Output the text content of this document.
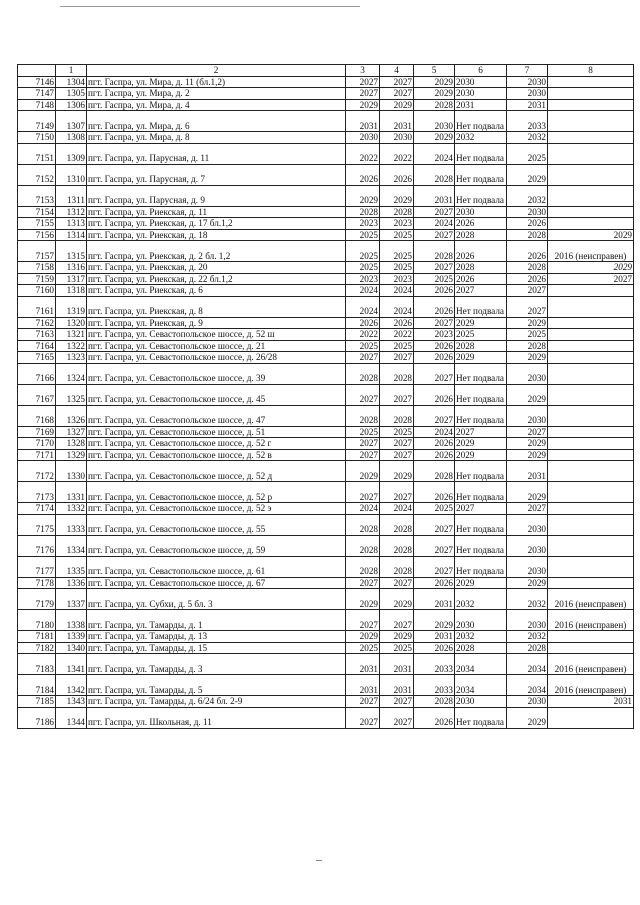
	1	2	3	4	5	6	7	8
7146	1304	пгт. Гаспра, ул. Мира, д. 11 (бл.1,2)	2027	2027	2029	2030	2030	
7147	1305	пгт. Гаспра, ул. Мира, д. 2	2027	2027	2029	2030	2030	
7148	1306	пгт. Гаспра, ул. Мира, д. 4	2029	2029	2028	2031	2031	
7149	1307	пгт. Гаспра, ул. Мира, д. 6	2031	2031	2030	Нет подвала	2033	
7150	1308	пгт. Гаспра, ул. Мира, д. 8	2030	2030	2029	2032	2032	
7151	1309	пгт. Гаспра, ул. Парусная, д. 11	2022	2022	2024	Нет подвала	2025	
7152	1310	пгт. Гаспра, ул. Парусная, д. 7	2026	2026	2028	Нет подвала	2029	
7153	1311	пгт. Гаспра, ул. Парусная, д. 9	2029	2029	2031	Нет подвала	2032	
7154	1312	пгт. Гаспра, ул. Риекская, д. 11	2028	2028	2027	2030	2030	
7155	1313	пгт. Гаспра, ул. Риекская, д. 17 бл.1,2	2023	2023	2024	2026	2026	
7156	1314	пгт. Гаспра, ул. Риекская, д. 18	2025	2025	2027	2028	2028	2029
7157	1315	пгт. Гаспра, ул. Риекская, д. 2 бл. 1,2	2025	2025	2028	2026	2026	2016 (неисправен)
7158	1316	пгт. Гаспра, ул. Риекская, д. 20	2025	2025	2027	2028	2028	2029
7159	1317	пгт. Гаспра, ул. Риекская, д. 22 бл.1,2	2023	2023	2025	2026	2026	2027
7160	1318	пгт. Гаспра, ул. Риекская, д. 6	2024	2024	2026	2027	2027	
7161	1319	пгт. Гаспра, ул. Риекская, д. 8	2024	2024	2026	Нет подвала	2027	
7162	1320	пгт. Гаспра, ул. Риекская, д. 9	2026	2026	2027	2029	2029	
7163	1321	пгт. Гаспра, ул. Севастопольское шоссе, д. 52 ш	2022	2022	2023	2025	2025	
7164	1322	пгт. Гаспра, ул. Севастопольское шоссе, д. 21	2025	2025	2026	2028	2028	
7165	1323	пгт. Гаспра, ул. Севастопольское шоссе, д. 26/28	2027	2027	2026	2029	2029	
7166	1324	пгт. Гаспра, ул. Севастопольское шоссе, д. 39	2028	2028	2027	Нет подвала	2030	
7167	1325	пгт. Гаспра, ул. Севастопольское шоссе, д. 45	2027	2027	2026	Нет подвала	2029	
7168	1326	пгт. Гаспра, ул. Севастопольское шоссе, д. 47	2028	2028	2027	Нет подвала	2030	
7169	1327	пгт. Гаспра, ул. Севастопольское шоссе, д. 51	2025	2025	2024	2027	2027	
7170	1328	пгт. Гаспра, ул. Севастопольское шоссе, д. 52 г	2027	2027	2026	2029	2029	
7171	1329	пгт. Гаспра, ул. Севастопольское шоссе, д. 52 в	2027	2027	2026	2029	2029	
7172	1330	пгт. Гаспра, ул. Севастопольское шоссе, д. 52 д	2029	2029	2028	Нет подвала	2031	
7173	1331	пгт. Гаспра, ул. Севастопольское шоссе, д. 52 р	2027	2027	2026	Нет подвала	2029	
7174	1332	пгт. Гаспра, ул. Севастопольское шоссе, д. 52 э	2024	2024	2025	2027	2027	
7175	1333	пгт. Гаспра, ул. Севастопольское шоссе, д. 55	2028	2028	2027	Нет подвала	2030	
7176	1334	пгт. Гаспра, ул. Севастопольское шоссе, д. 59	2028	2028	2027	Нет подвала	2030	
7177	1335	пгт. Гаспра, ул. Севастопольское шоссе, д. 61	2028	2028	2027	Нет подвала	2030	
7178	1336	пгт. Гаспра, ул. Севастопольское шоссе, д. 67	2027	2027	2026	2029	2029	
7179	1337	пгт. Гаспра, ул. Субхи, д. 5 бл. 3	2029	2029	2031	2032	2032	2016 (неисправен)
7180	1338	пгт. Гаспра, ул. Тамарды, д. 1	2027	2027	2029	2030	2030	2016 (неисправен)
7181	1339	пгт. Гаспра, ул. Тамарды, д. 13	2029	2029	2031	2032	2032	
7182	1340	пгт. Гаспра, ул. Тамарды, д. 15	2025	2025	2026	2028	2028	
7183	1341	пгт. Гаспра, ул. Тамарды, д. 3	2031	2031	2033	2034	2034	2016 (неисправен)
7184	1342	пгт. Гаспра, ул. Тамарды, д. 5	2031	2031	2033	2034	2034	2016 (неисправен)
7185	1343	пгт. Гаспра, ул. Тамарды, д. 6/24 бл. 2-9	2027	2027	2028	2030	2030	2031
7186	1344	пгт. Гаспра, ул. Школьная, д. 11	2027	2027	2026	Нет подвала	2029	
